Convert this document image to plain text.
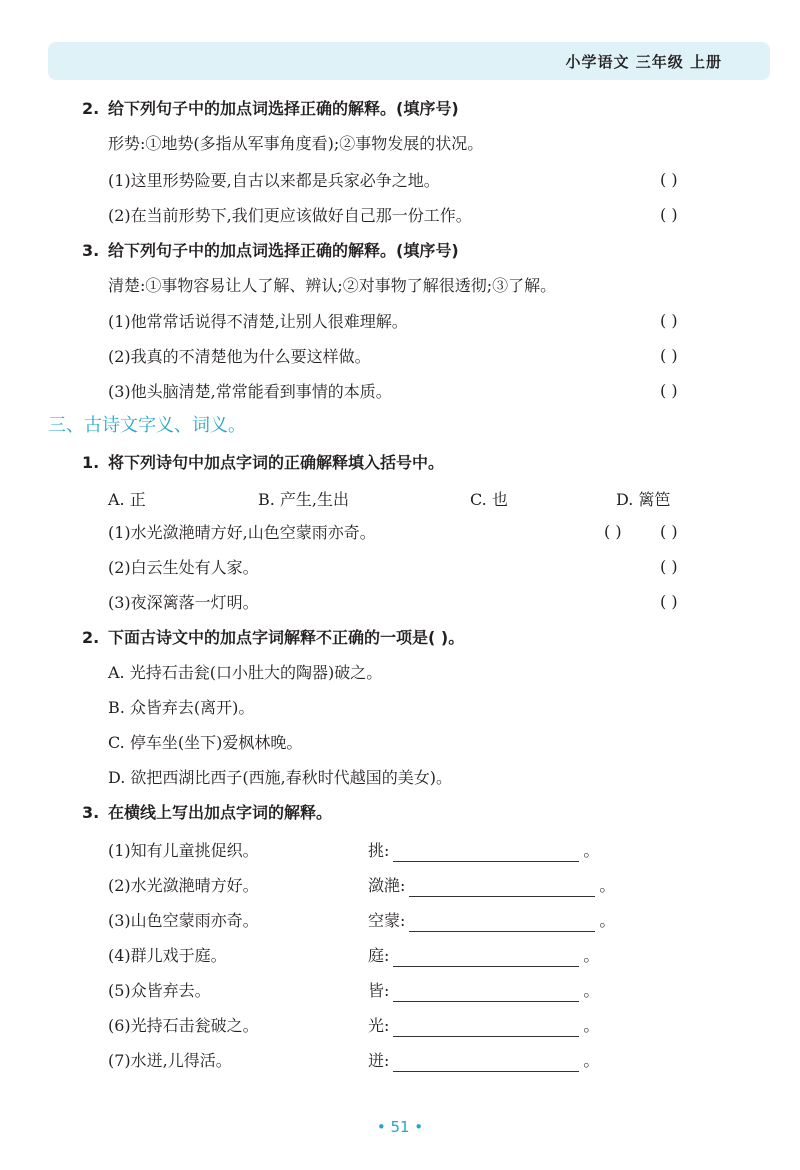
小学语文 三年级 上册
2. 给下列句子中的加点词选择正确的解释。(填序号)
形势:①地势(多指从军事角度看);②事物发展的状况。
(1)这里形势险要,自古以来都是兵家必争之地。	( )
(2)在当前形势下,我们更应该做好自己那一份工作。	( )
3. 给下列句子中的加点词选择正确的解释。(填序号)
清楚:①事物容易让人了解、辨认;②对事物了解很透彻;③了解。
(1)他常常话说得不清楚,让别人很难理解。	( )
(2)我真的不清楚他为什么要这样做。	( )
(3)他头脑清楚,常常能看到事情的本质。	( )
三、古诗文字义、词义。
1. 将下列诗句中加点字词的正确解释填入括号中。
A. 正	B. 产生,生出	C. 也	D. 篱笆
(1)水光潋滟晴方好,山色空蒙雨亦奇。	( ) ( )
(2)白云生处有人家。	( )
(3)夜深篱落一灯明。	( )
2. 下面古诗文中的加点字词解释不正确的一项是( )。
A. 光持石击瓮(口小肚大的陶器)破之。
B. 众皆弃去(离开)。
C. 停车坐(坐下)爱枫林晚。
D. 欲把西湖比西子(西施,春秋时代越国的美女)。
3. 在横线上写出加点字词的解释。
(1)知有儿童挑促织。	挑:	。
(2)水光潋滟晴方好。	潋滟:	。
(3)山色空蒙雨亦奇。	空蒙:	。
(4)群儿戏于庭。	庭:	。
(5)众皆弃去。	皆:	。
(6)光持石击瓮破之。	光:	。
(7)水迸,儿得活。	迸:	。
• 51 •
